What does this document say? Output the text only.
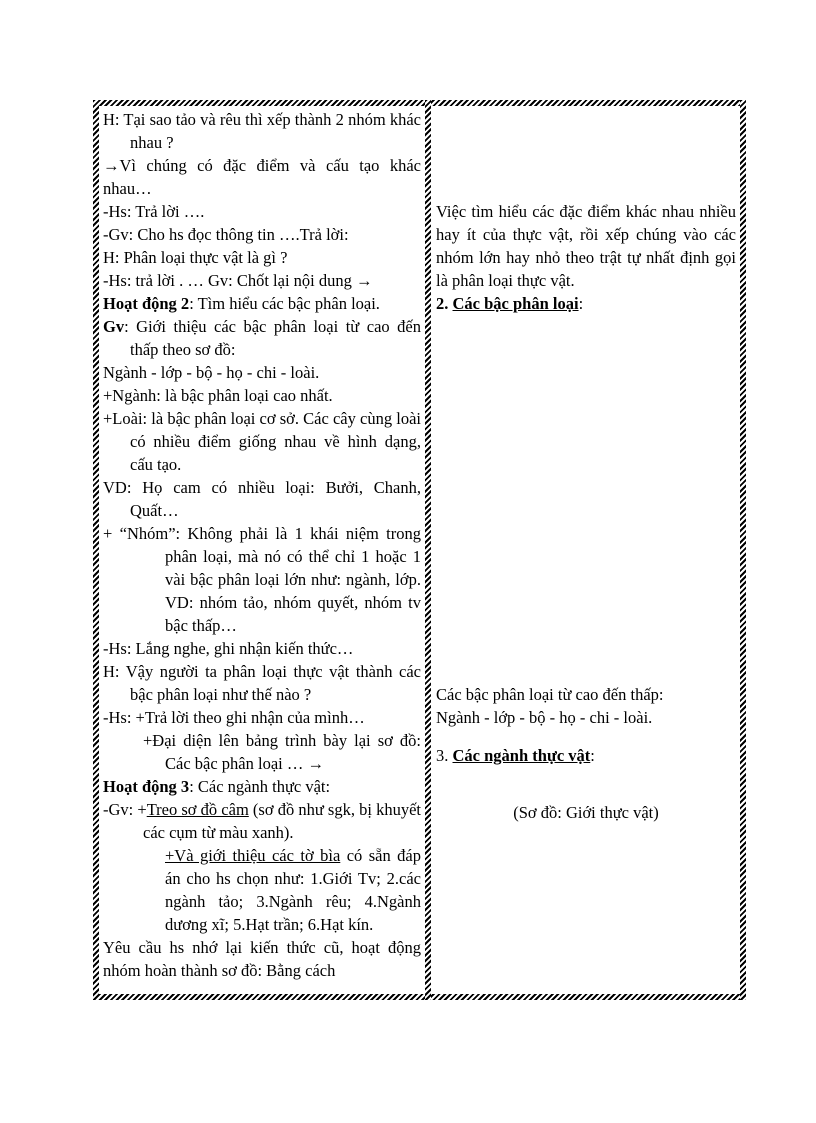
H: Tại sao tảo và rêu thì xếp thành 2 nhóm khác nhau ?

→Vì chúng có đặc điểm và cấu tạo khác nhau…

-Hs: Trả lời ….

-Gv: Cho hs đọc thông tin ….Trả lời:

H: Phân loại thực vật là gì ?

-Hs: trả lời . … Gv: Chốt lại nội dung →

Hoạt động 2: Tìm hiểu các bậc phân loại.

Gv: Giới thiệu các bậc phân loại từ cao đến thấp theo sơ đồ:

Ngành - lớp - bộ - họ - chi - loài.

+Ngành: là bậc phân loại cao nhất.

+Loài: là bậc phân loại cơ sở. Các cây cùng loài có nhiều điểm giống nhau về hình dạng, cấu tạo.

VD: Họ cam có nhiều loại: Bưởi, Chanh, Quất…

+ “Nhóm”: Không phải là 1 khái niệm trong phân loại, mà nó có thể chỉ 1 hoặc 1 vài bậc phân loại lớn như: ngành, lớp. VD: nhóm tảo, nhóm quyết, nhóm tv bậc thấp…

-Hs: Lắng nghe, ghi nhận kiến thức…

H: Vậy người ta phân loại thực vật thành các bậc phân loại như thế nào ?

-Hs: +Trả lời theo ghi nhận của mình…

+Đại diện lên bảng trình bày lại sơ đồ: Các bậc phân loại … →

Hoạt động 3: Các ngành thực vật:

-Gv: +Treo sơ đồ câm (sơ đồ như sgk, bị khuyết các cụm từ màu xanh).

+Và giới thiệu các tờ bìa có sẵn đáp án cho hs chọn như: 1.Giới Tv; 2.các ngành tảo; 3.Ngành rêu; 4.Ngành dương xĩ; 5.Hạt trần; 6.Hạt kín.

Yêu cầu hs nhớ lại kiến thức cũ, hoạt động nhóm hoàn thành sơ đồ: Bằng cách

Việc tìm hiểu các đặc điểm khác nhau nhiều hay ít của thực vật, rồi xếp chúng vào các nhóm lớn hay nhỏ theo trật tự nhất định gọi là phân loại thực vật.

2. Các bậc phân loại:

Các bậc phân loại từ cao đến thấp:

Ngành - lớp - bộ - họ - chi - loài.

3. Các ngành thực vật:

(Sơ đồ: Giới thực vật)
